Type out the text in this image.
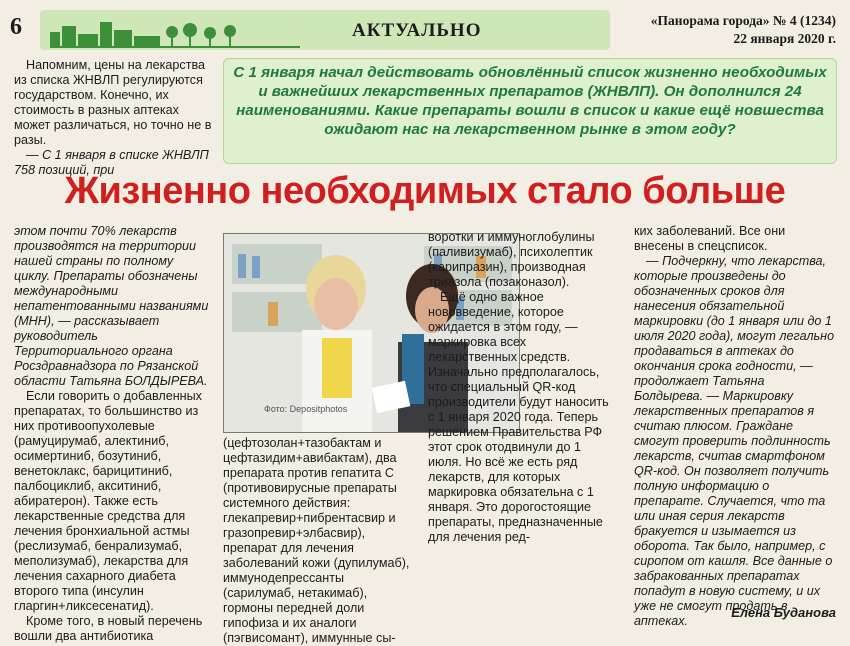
6	АКТУАЛЬНО	«Панорама города» № 4 (1234)
22 января 2020 г.

Напомним, цены на лекарства из списка ЖНВЛП регулируются государством. Конечно, их стоимость в разных аптеках может различаться, но точно не в разы.

— С 1 января в списке ЖНВЛП 758 позиций, при

С 1 января начал действовать обновлённый список жизненно необходимых и важнейших лекарственных препаратов (ЖНВЛП). Он дополнился 24 наименованиями. Какие препараты вошли в список и какие ещё новшества ожидают нас на лекарственном рынке в этом году?
Жизненно необходимых стало больше

этом почти 70% лекарств производятся на территории нашей страны по полному циклу. Препараты обозначены международными непатентованными названиями (МНН), — рассказывает руководитель Территориального органа Росздравнадзора по Рязанской области Татьяна БОЛДЫРЕВА.

Если говорить о добавленных препаратах, то большинство из них противоопухолевые (рамуцирумаб, алектиниб, осимертиниб, бозутиниб, венетоклакс, барицитиниб, палбоциклиб, акситиниб, абиратерон). Также есть лекарственные средства для лечения бронхиальной астмы (реслизумаб, бенрализумаб, меполизумаб), лекарства для лечения сахарного диабета второго типа (инсулин гларгин+ликсесенатид).

Кроме того, в новый перечень вошли два антибиотика

Фото: Depositphotos

(цефтозолан+тазобактам и цефтазидим+авибактам), два препарата против гепатита С (противовирусные препараты системного действия: глекапревир+пибрентасвир и гразопревир+элбасвир), препарат для лечения заболеваний кожи (дупилумаб), иммунодепрессанты (сарилумаб, нетакимаб), гормоны передней доли гипофиза и их аналоги (пэгвисомант), иммунные сы-

воротки и иммуноглобулины (паливизумаб), психолептик (карипразин), производная триазола (позаконазол).

Ещё одно важное нововведение, которое ожидается в этом году, — маркировка всех лекарственных средств. Изначально предполагалось, что специальный QR-код производители будут наносить с 1 января 2020 года. Теперь решением Правительства РФ этот срок отодвинули до 1 июля. Но всё же есть ряд лекарств, для которых маркировка обязательна с 1 января. Это дорогостоящие препараты, предназначенные для лечения ред-

ких заболеваний. Все они внесены в спецсписок.

— Подчеркну, что лекарства, которые произведены до обозначенных сроков для нанесения обязательной маркировки (до 1 января или до 1 июля 2020 года), могут легально продаваться в аптеках до окончания срока годности, — продолжает Татьяна Болдырева. — Маркировку лекарственных препаратов я считаю плюсом. Граждане смогут проверить подлинность лекарств, считав смартфоном QR-код. Он позволяет получить полную информацию о препарате. Случается, что та или иная серия лекарств бракуется и изымается из оборота. Так было, например, с сиропом от кашля. Все данные о забракованных препаратах попадут в новую систему, и их уже не смогут продать в аптеках.

Елена Буданова
